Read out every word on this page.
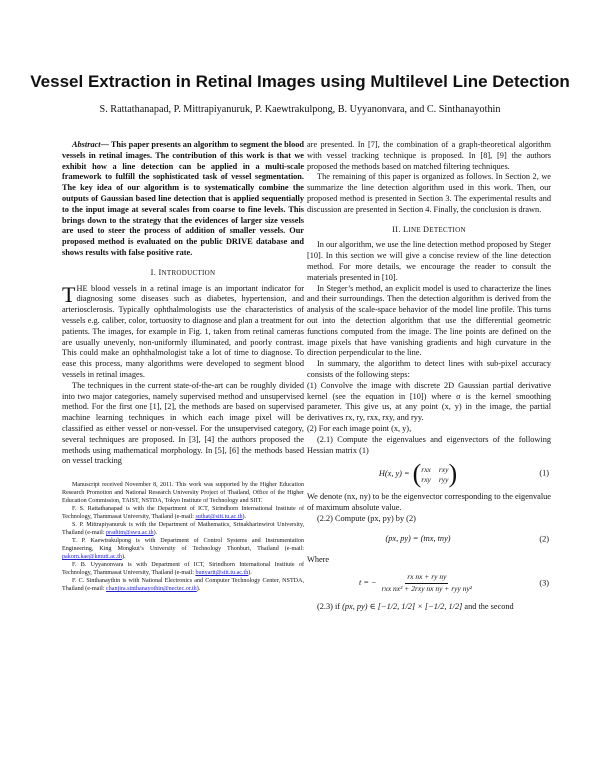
Vessel Extraction in Retinal Images using Multilevel Line Detection
S. Rattathanapad, P. Mittrapiyanuruk, P. Kaewtrakulpong, B. Uyyanonvara, and C. Sinthanayothin

Abstract— This paper presents an algorithm to segment the blood vessels in retinal images. The contribution of this work is that we exhibit how a line detection can be applied in a multi-scale framework to fulfill the sophisticated task of vessel segmentation. The key idea of our algorithm is to systematically combine the outputs of Gaussian based line detection that is applied sequentially to the input image at several scales from coarse to fine levels. This brings down to the strategy that the evidences of larger size vessels are used to steer the process of addition of smaller vessels. Our proposed method is evaluated on the public DRIVE database and shows results with false positive rate.

I. INTRODUCTION

THE blood vessels in a retinal image is an important indicator for diagnosing some diseases such as diabetes, hypertension, and arteriosclerosis. Typically ophthalmologists use the characteristics of vessels e.g. caliber, color, tortuosity to diagnose and plan a treatment for patients. The images, for example in Fig. 1, taken from retinal cameras are usually unevenly, non-uniformly illuminated, and poorly contrast. This could make an ophthalmologist take a lot of time to diagnose. To ease this process, many algorithms were developed to segment blood vessels in retinal images.

The techniques in the current state-of-the-art can be roughly divided into two major categories, namely supervised method and unsupervised method. For the first one [1], [2], the methods are based on supervised machine learning techniques in which each image pixel will be classified as either vessel or non-vessel. For the unsupervised category, several techniques are proposed. In [3], [4] the authors proposed the methods using mathematical morphology. In [5], [6] the methods based on vessel tracking

Manuscript received November 8, 2011. This work was supported by the Higher Education Research Promotion and National Research University Project of Thailand, Office of the Higher Education Commission, TAIST, NSTDA, Tokyo Institute of Technology and SIIT.

F. S. Rattathanapad is with the Department of ICT, Sirindhorn International Institute of Technology, Thammasat University, Thailand (e-mail: suthat@siit.tu.ac.th).

S. P. Mittrapiyanuruk is with the Department of Mathematics, Srinakharinwirot University, Thailand (e-mail: praditm@swu.ac.th).

T. P. Kaewtrakulpong is with Department of Control Systems and Instrumentation Engineering, King Mongkut’s University of Technology Thonburi, Thailand (e-mail: pakorn.kae@kmutt.ac.th).

F. B. Uyyanonvara is with Department of ICT, Sirindhorn International Institute of Technology, Thammasat University, Thailand (e-mail: bunyarit@siit.tu.ac.th).

F. C. Sinthanaythin is with National Electronics and Computer Technology Center, NSTDA, Thailand (e-mail: chanjira.sinthanayothin@nectec.or.th).

are presented. In [7], the combination of a graph-theoretical algorithm with vessel tracking technique is proposed. In [8], [9] the authors proposed the methods based on matched filtering techniques.

The remaining of this paper is organized as follows. In Section 2, we summarize the line detection algorithm used in this work. Then, our proposed method is presented in Section 3. The experimental results and discussion are presented in Section 4. Finally, the conclusion is drawn.

II. LINE DETECTION

In our algorithm, we use the line detection method proposed by Steger [10]. In this section we will give a concise review of the line detection method. For more details, we encourage the reader to consult the materials presented in [10].

In Steger’s method, an explicit model is used to characterize the lines and their surroundings. Then the detection algorithm is derived from the analysis of the scale-space behavior of the model line profile. This turns out into the detection algorithm that use the differential geometric functions computed from the image. The line points are defined on the image pixels that have vanishing gradients and high curvature in the direction perpendicular to the line.

In summary, the algorithm to detect lines with sub-pixel accuracy consists of the following steps:

(1) Convolve the image with discrete 2D Gaussian partial derivative kernel (see the equation in [10]) where σ is the kernel smoothing parameter. This give us, at any point (x, y) in the image, the partial derivatives rx, ry, rxx, rxy, and ryy.

(2) For each image point (x, y),

(2.1) Compute the eigenvalues and eigenvectors of the following Hessian matrix (1)

H(x, y) = ( rxx rxy
rxy ryy )	(1)

We denote (nx, ny) to be the eigenvector corresponding to the eigenvalue of maximum absolute value.

(2.2) Compute (px, py) by (2)

(px, py) = (tnx, tny)	(2)

Where

t = − $\frac{\text{rx nx + ry ny}}{\text{rxx nx² + 2rxy nx ny + ryy ny²}}$	(3)

(2.3) if (px, py) ∈ [−1/2, 1/2] × [−1/2, 1/2] and the second
